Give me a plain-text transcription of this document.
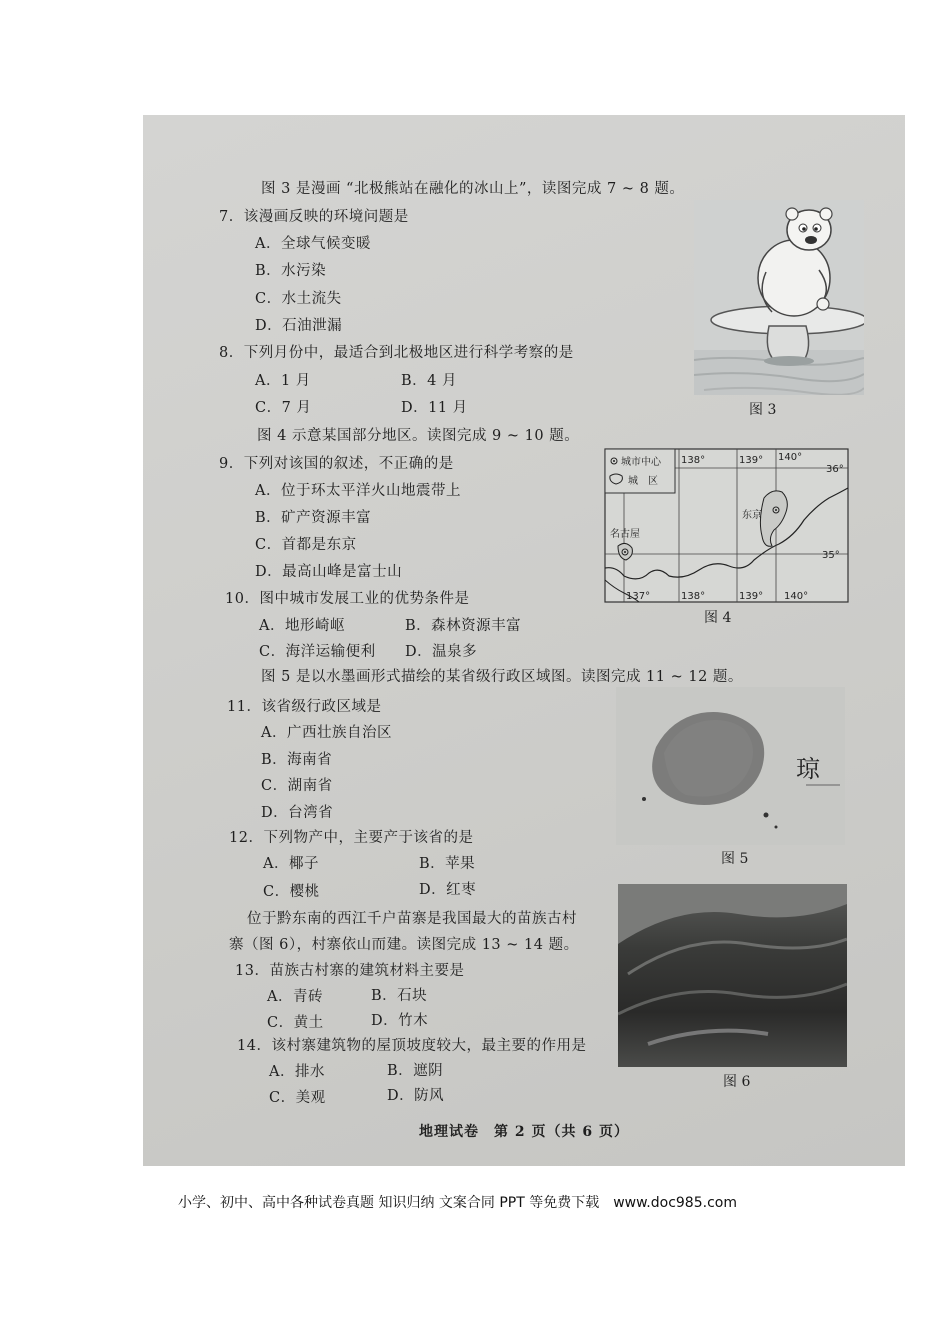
图 3 是漫画 “北极熊站在融化的冰山上”，读图完成 7 ~ 8 题。
7．该漫画反映的环境问题是
A．全球气候变暖
B．水污染
C．水土流失
D．石油泄漏
8．下列月份中，最适合到北极地区进行科学考察的是
A．1 月	B．4 月
C．7 月	D．11 月	图 3
图 4 示意某国部分地区。读图完成 9 ~ 10 题。
9．下列对该国的叙述，不正确的是
A．位于环太平洋火山地震带上
B．矿产资源丰富
C．首都是东京
D．最高山峰是富士山
城市中心
城　区
138°	139° 140°
36°
35°
137°	138°	139° 140°
名古屋
东京
图 4
10．图中城市发展工业的优势条件是
A．地形崎岖	B．森林资源丰富
C．海洋运输便利 D．温泉多
图 5 是以水墨画形式描绘的某省级行政区域图。读图完成 11 ~ 12 题。
11．该省级行政区域是
A．广西壮族自治区
B．海南省
C．湖南省
D．台湾省
琼
图 5
12．下列物产中，主要产于该省的是
A．椰子	B．苹果
C．樱桃	D．红枣
位于黔东南的西江千户苗寨是我国最大的苗族古村
寨（图 6），村寨依山而建。读图完成 13 ~ 14 题。
图 6
13．苗族古村寨的建筑材料主要是
A．青砖	B．石块
C．黄土	D．竹木
14．该村寨建筑物的屋顶坡度较大，最主要的作用是
A．排水	B．遮阴
C．美观	D．防风
地理试卷　第 2 页（共 6 页）
小学、初中、高中各种试卷真题 知识归纳 文案合同 PPT 等免费下载　www.doc985.com
